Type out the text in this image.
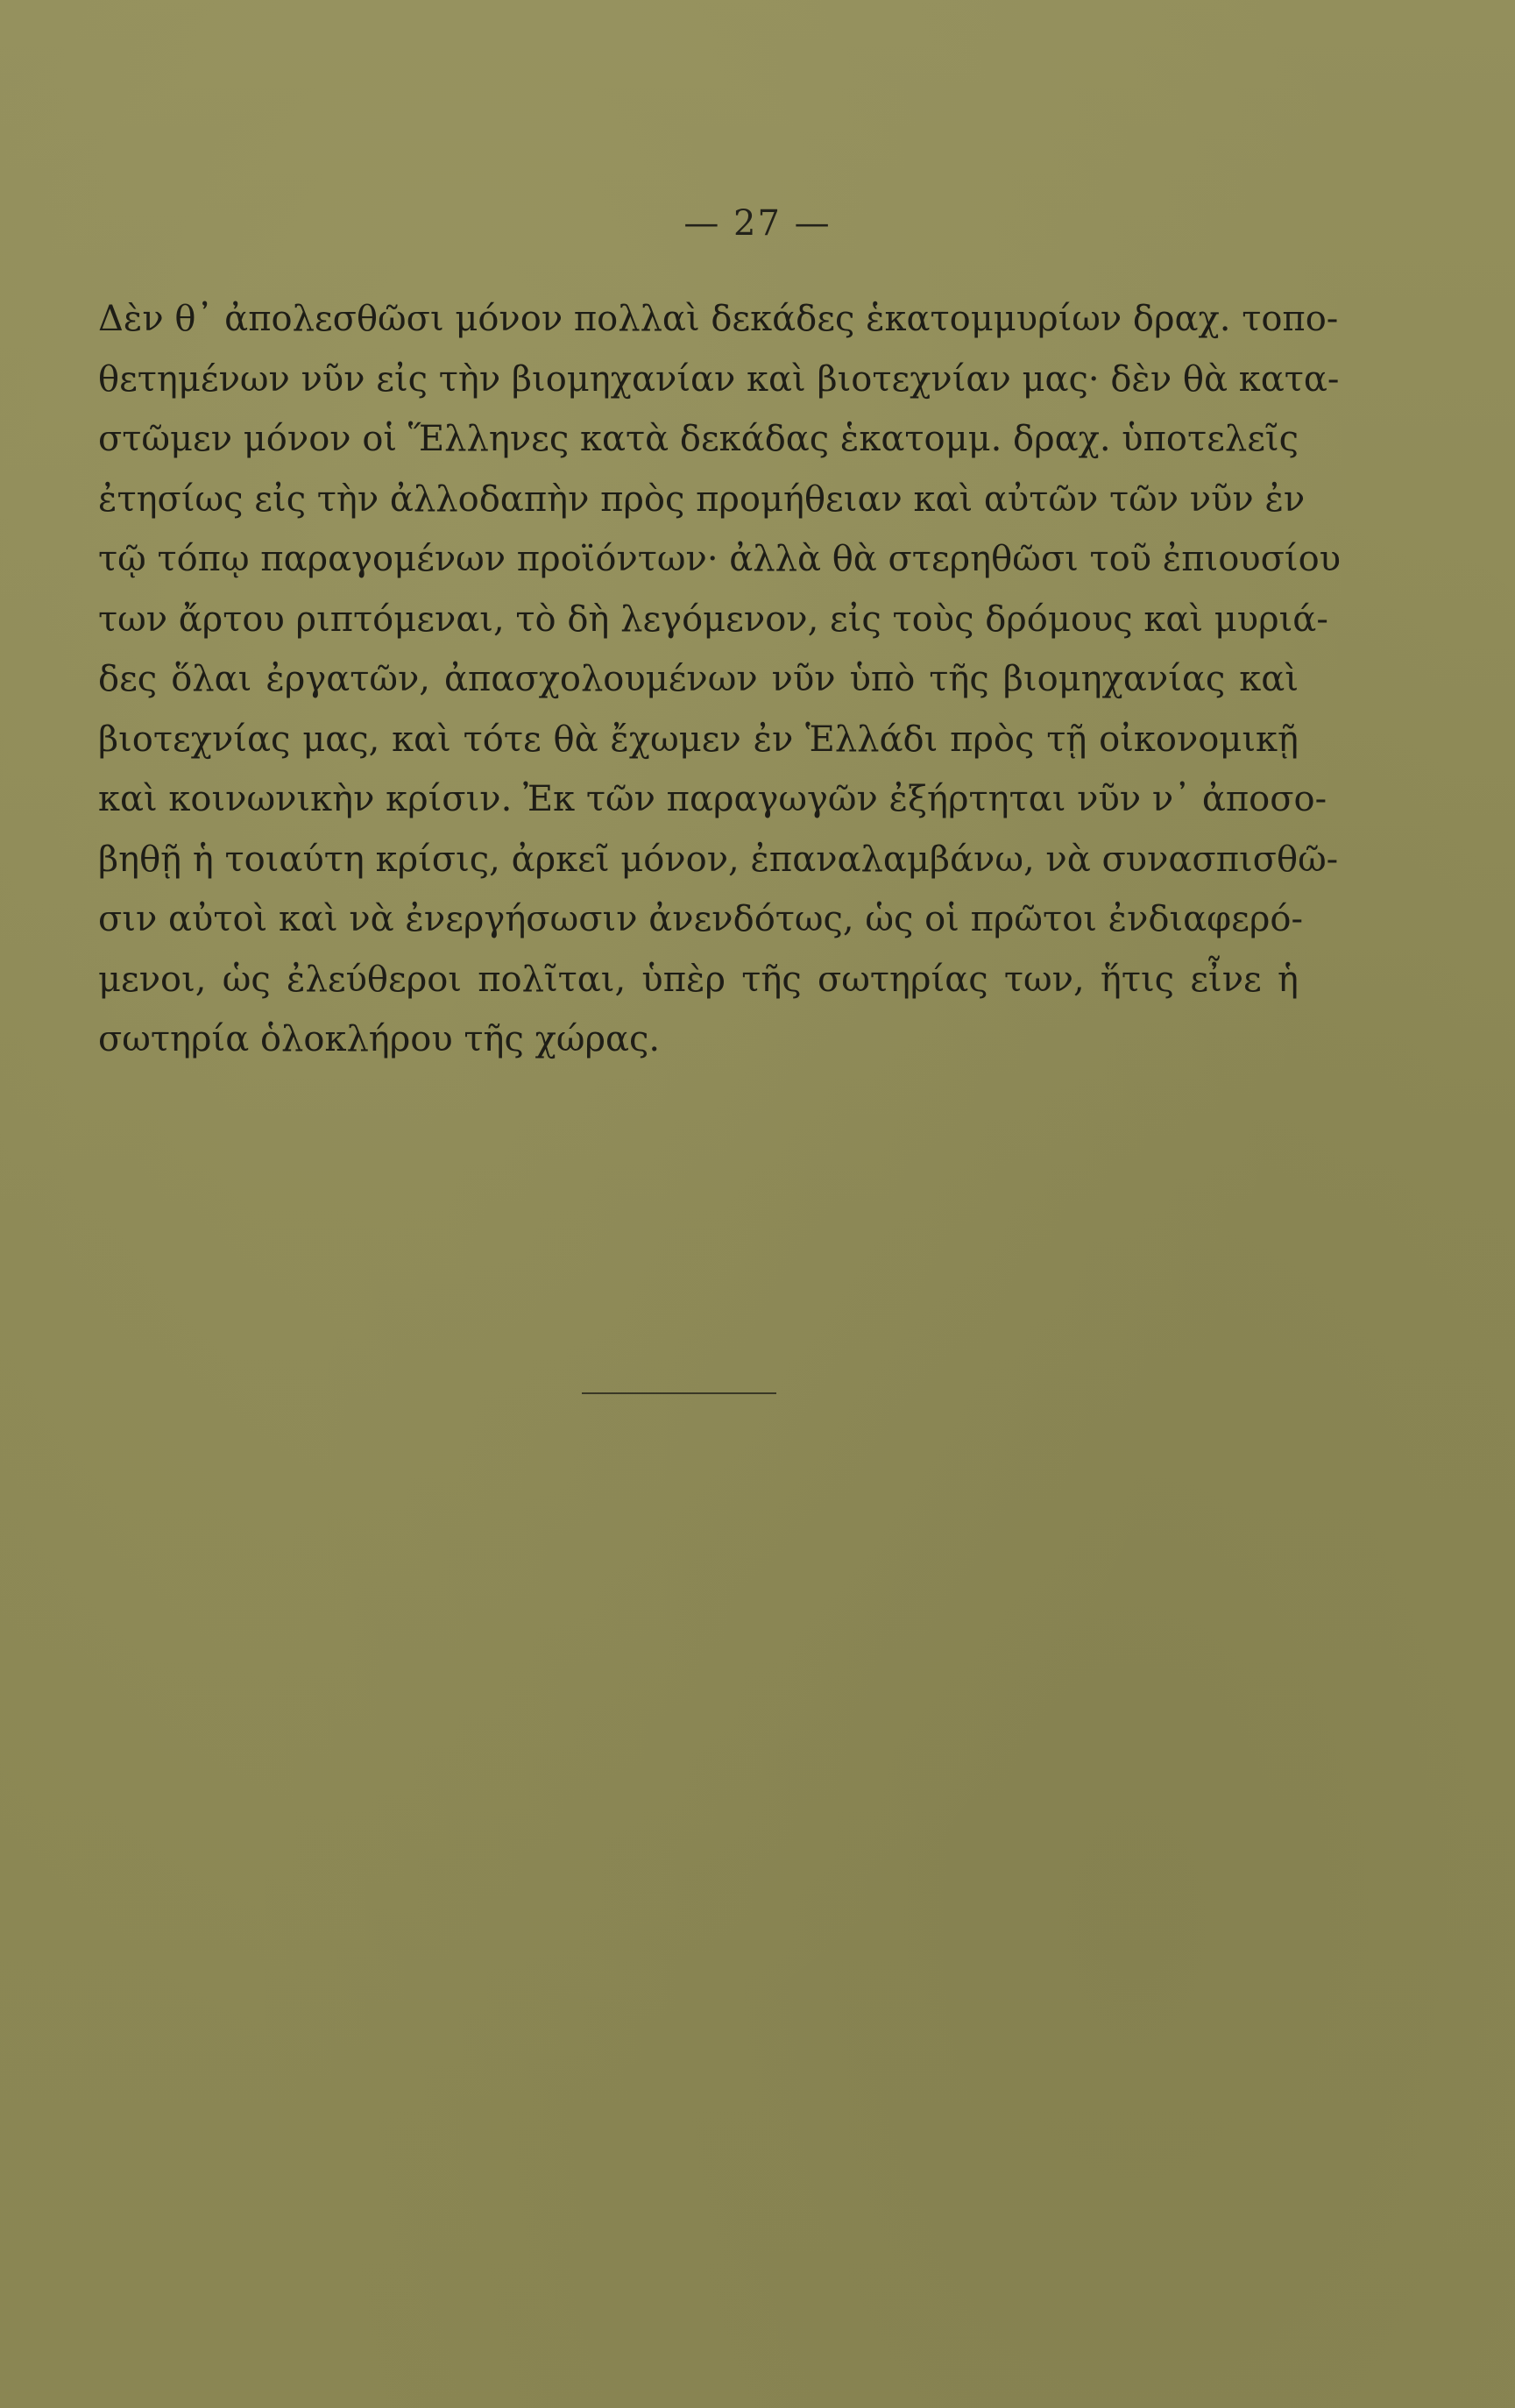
— 27 —
Δὲν θ᾿ ἀπολεσθῶσι μόνον πολλαὶ δεκάδες ἑκατομμυρίων δραχ. τοπο-
θετημένων νῦν εἰς τὴν βιομηχανίαν καὶ βιοτεχνίαν μας· δὲν θὰ κατα-
στῶμεν μόνον οἱ Ἕλληνες κατὰ δεκάδας ἑκατομμ. δραχ. ὑποτελεῖς
ἐτησίως εἰς τὴν ἀλλοδαπὴν πρὸς προμήθειαν καὶ αὐτῶν τῶν νῦν ἐν
τῷ τόπῳ παραγομένων προϊόντων· ἀλλὰ θὰ στερηθῶσι τοῦ ἐπιουσίου
των ἄρτου ριπτόμεναι, τὸ δὴ λεγόμενον, εἰς τοὺς δρόμους καὶ μυριά-
δες ὅλαι ἐργατῶν, ἀπασχολουμένων νῦν ὑπὸ τῆς βιομηχανίας καὶ
βιοτεχνίας μας, καὶ τότε θὰ ἔχωμεν ἐν Ἑλλάδι πρὸς τῇ οἰκονομικῇ
καὶ κοινωνικὴν κρίσιν. Ἐκ τῶν παραγωγῶν ἐξήρτηται νῦν ν᾿ ἀποσο-
βηθῇ ἡ τοιαύτη κρίσις, ἀρκεῖ μόνον, ἐπαναλαμβάνω, νὰ συνασπισθῶ-
σιν αὐτοὶ καὶ νὰ ἐνεργήσωσιν ἀνενδότως, ὡς οἱ πρῶτοι ἐνδιαφερό-
μενοι, ὡς ἐλεύθεροι πολῖται, ὑπὲρ τῆς σωτηρίας των, ἥτις εἶνε ἡ
σωτηρία ὁλοκλήρου τῆς χώρας.
